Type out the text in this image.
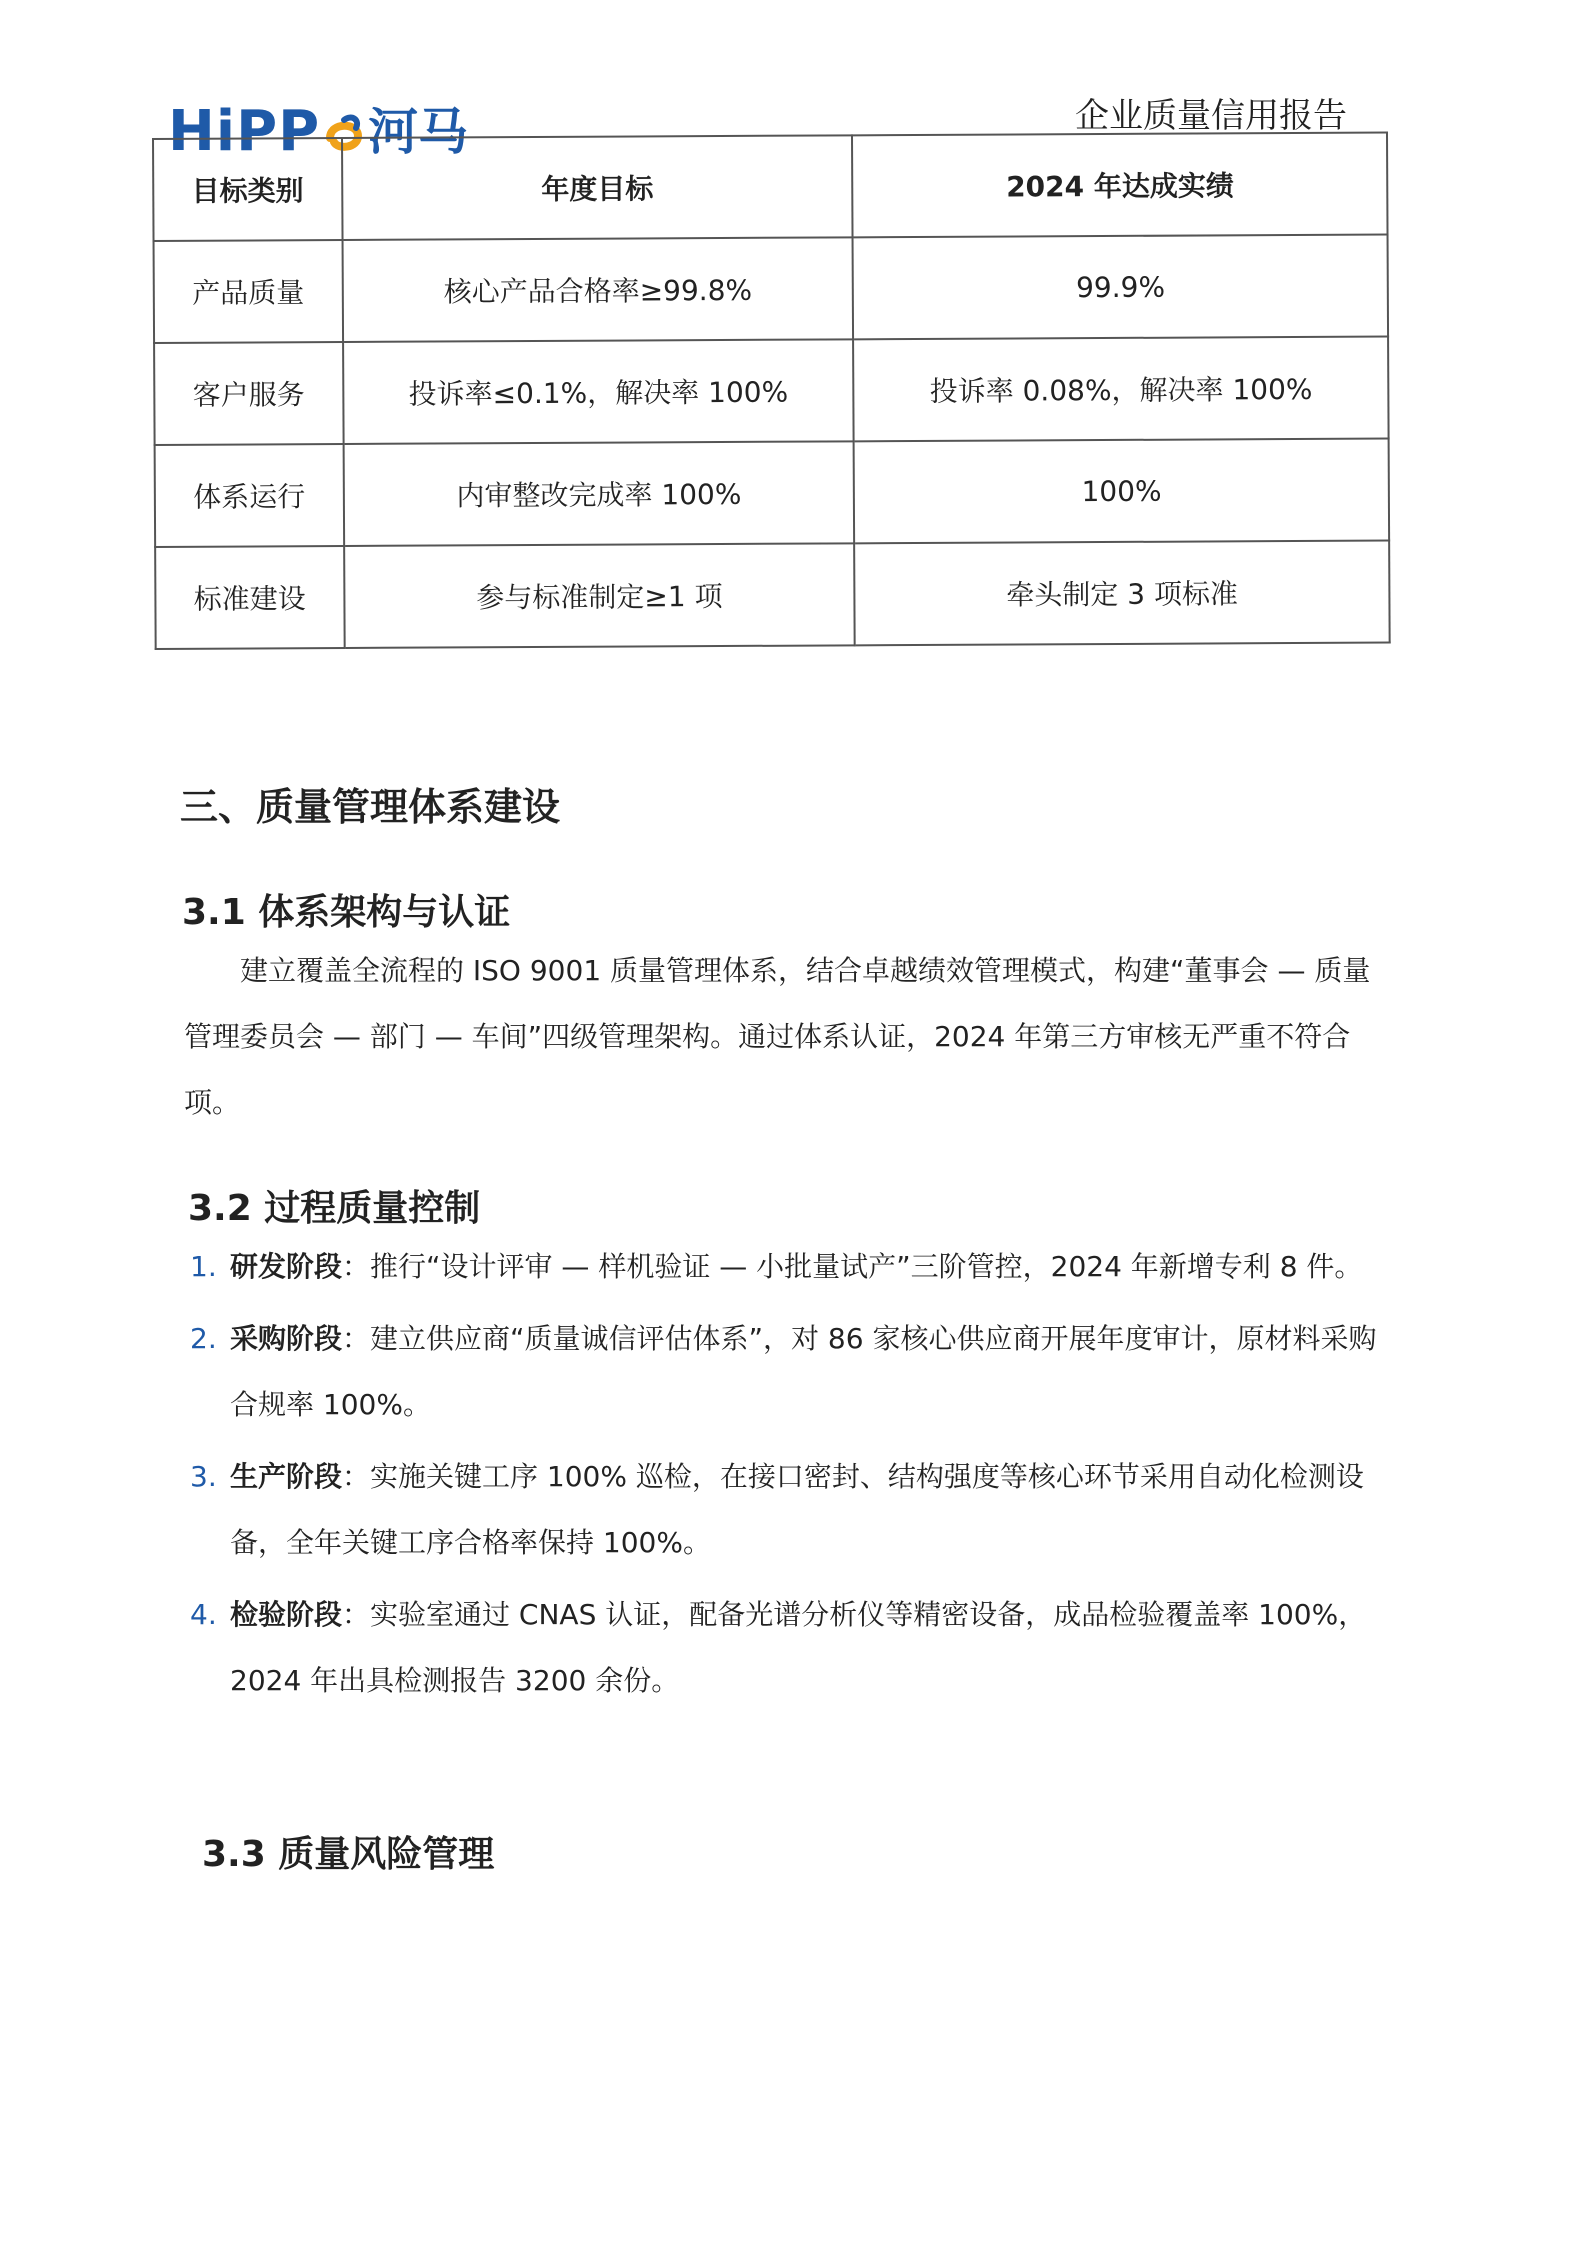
HiPP 河马	企业质量信用报告
目标类别	年度目标	2024 年达成实绩
产品质量	核心产品合格率≥99.8%	99.9%
客户服务	投诉率≤0.1%，解决率 100%	投诉率 0.08%，解决率 100%
体系运行	内审整改完成率 100%	100%
标准建设	参与标准制定≥1 项	牵头制定 3 项标准
三、质量管理体系建设
3.1 体系架构与认证
建立覆盖全流程的 ISO 9001 质量管理体系，结合卓越绩效管理模式，构建“董事会 — 质量管理委员会 — 部门 — 车间”四级管理架构。通过体系认证，2024 年第三方审核无严重不符合项。
3.2 过程质量控制
1. 研发阶段：推行“设计评审 — 样机验证 — 小批量试产”三阶管控，2024 年新增专利 8 件。
2. 采购阶段：建立供应商“质量诚信评估体系”，对 86 家核心供应商开展年度审计，原材料采购合规率 100%。
3. 生产阶段：实施关键工序 100% 巡检，在接口密封、结构强度等核心环节采用自动化检测设备，全年关键工序合格率保持 100%。
4. 检验阶段：实验室通过 CNAS 认证，配备光谱分析仪等精密设备，成品检验覆盖率 100%，2024 年出具检测报告 3200 余份。
3.3 质量风险管理
